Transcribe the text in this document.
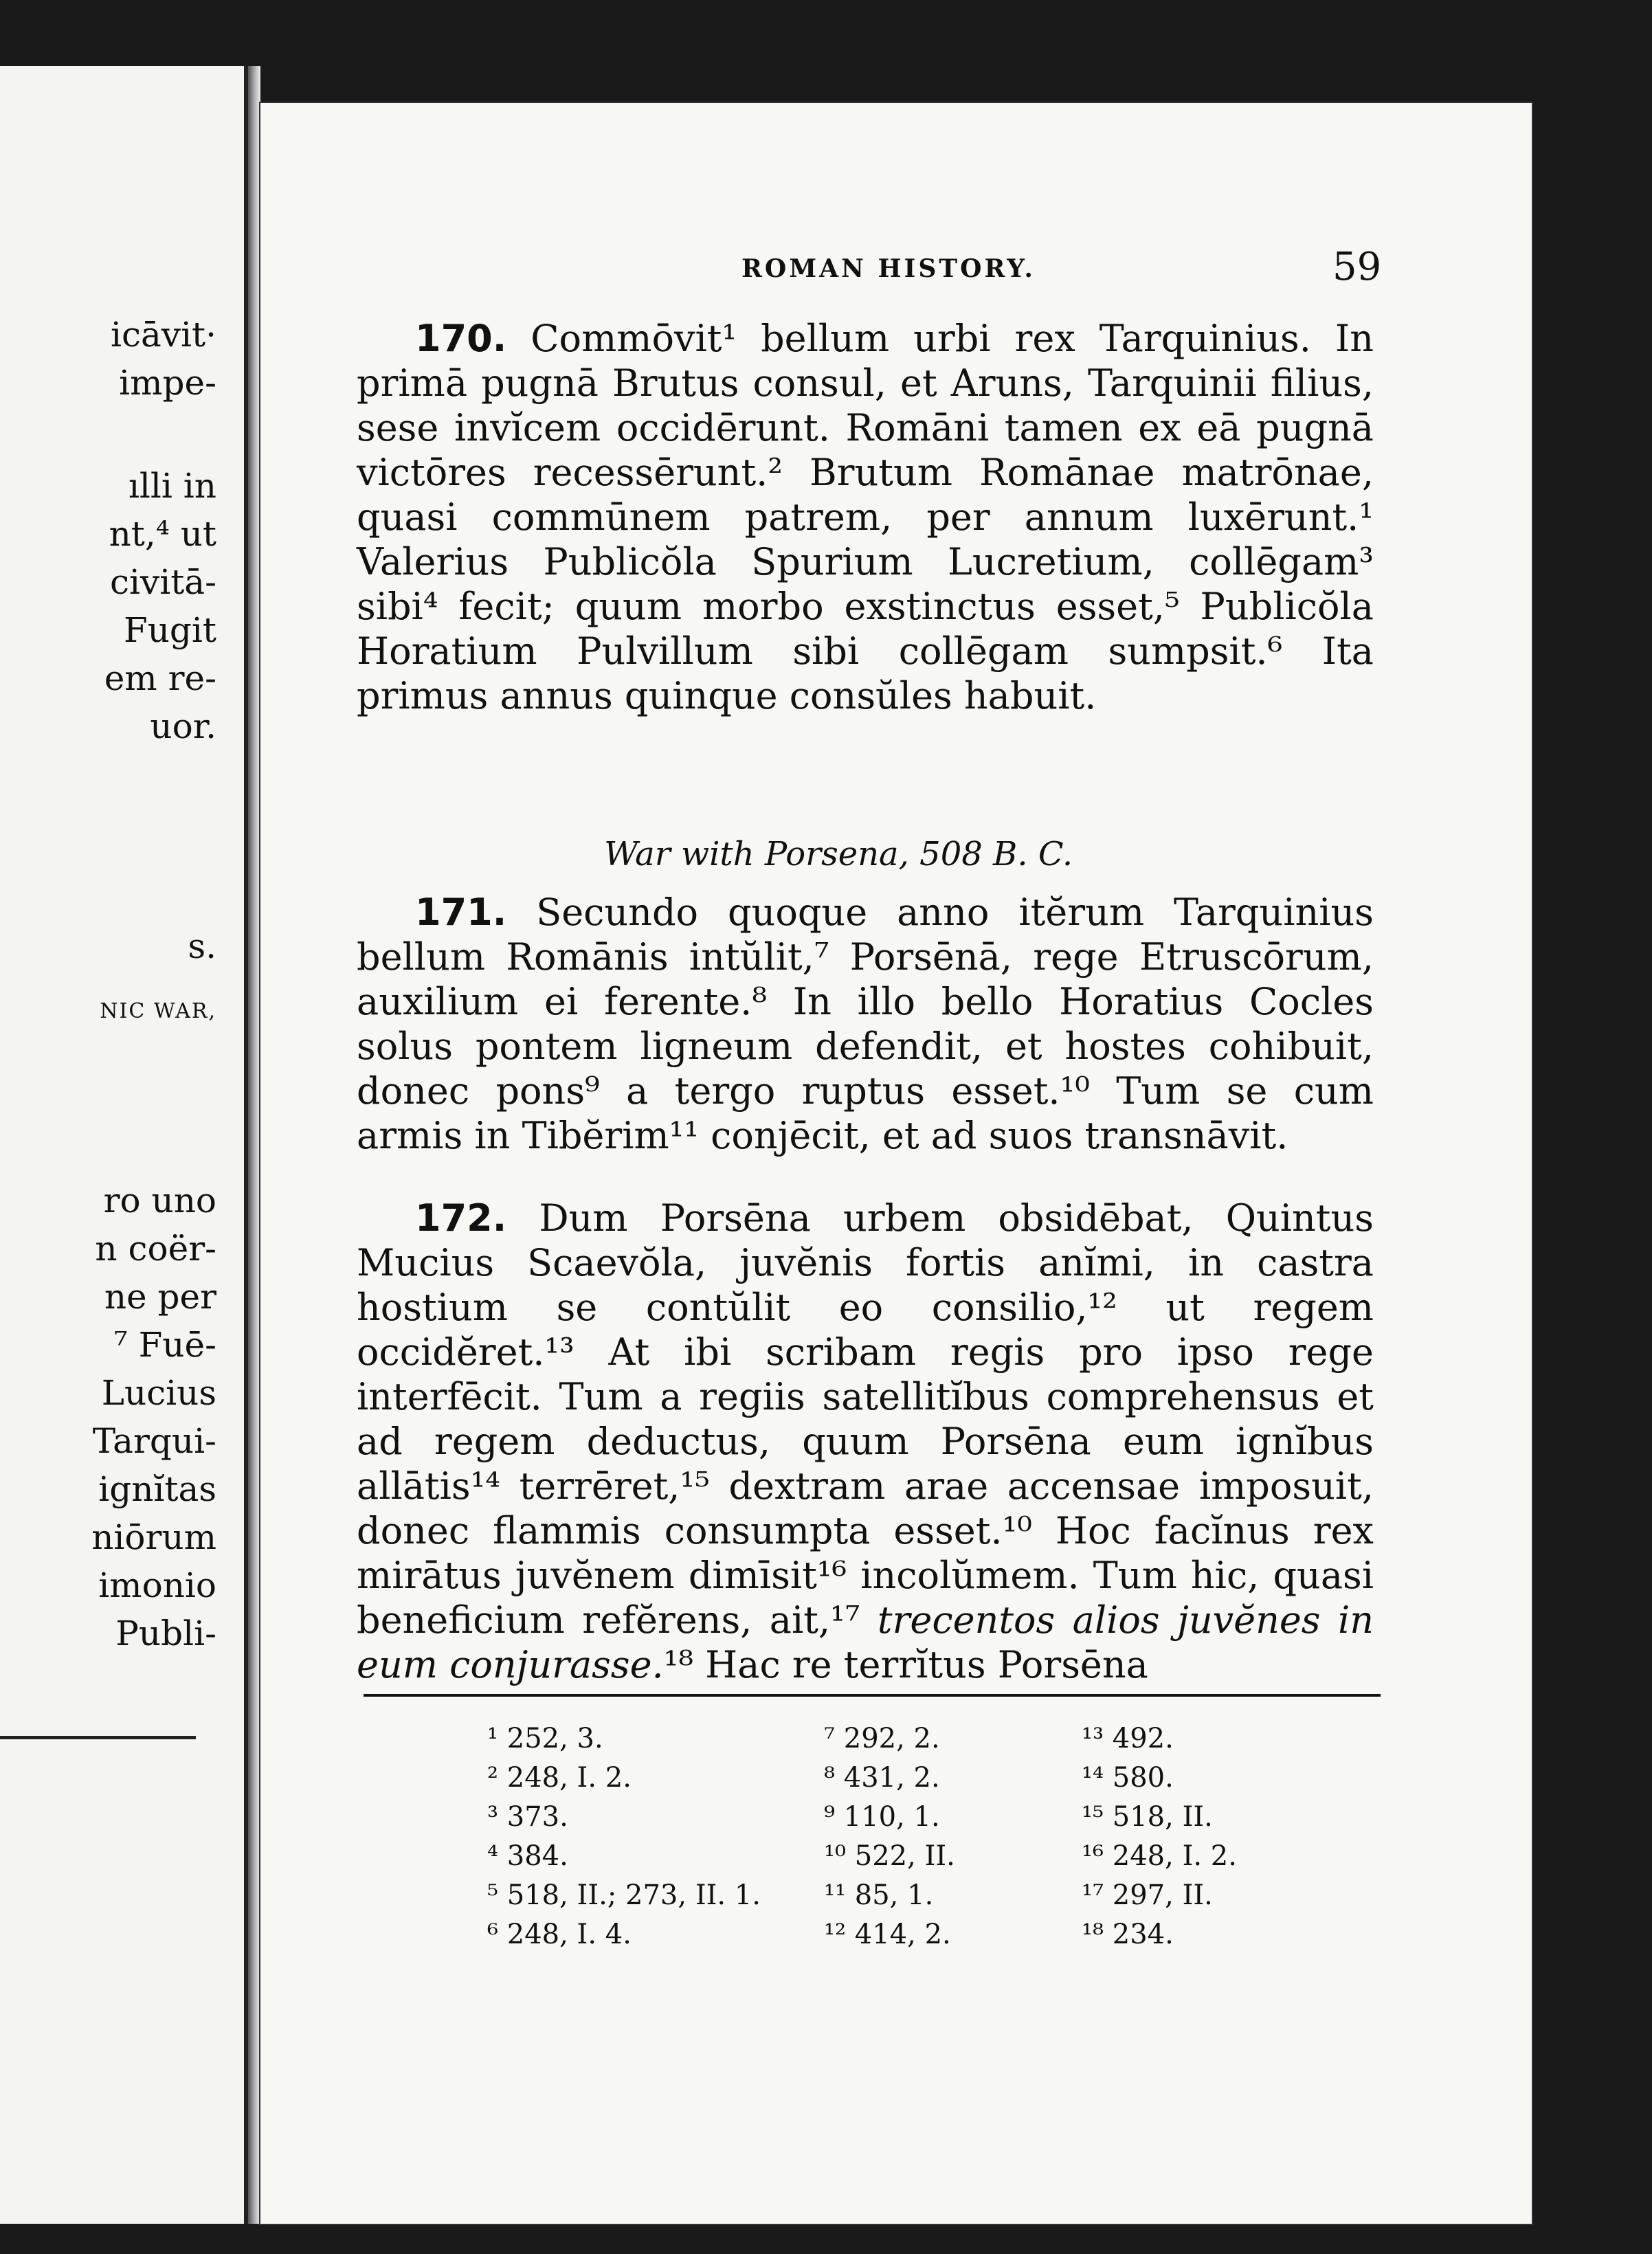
icāvit·
impe-
ılli in
nt,⁴ ut
civitā-
Fugit
em re-
uor.
s.
NIC WAR,
ro uno
n coër-
ne per
⁷ Fuē-
Lucius
Tarqui-
ignĭtas
niōrum
imonio
Publi-
ROMAN HISTORY.	59

170. Commōvit¹ bellum urbi rex Tarquinius. In primā pugnā Brutus consul, et Aruns, Tarquinii filius, sese invĭcem occidērunt. Romāni tamen ex eā pugnā victōres recessērunt.² Brutum Romānae matrōnae, quasi commūnem patrem, per annum luxērunt.¹ Valerius Publicŏla Spurium Lucretium, collēgam³ sibi⁴ fecit; quum morbo exstinctus esset,⁵ Publicŏla Horatium Pulvillum sibi collēgam sumpsit.⁶ Ita primus annus quinque consŭles habuit.

War with Porsena, 508 B. C.

171. Secundo quoque anno itĕrum Tarquinius bellum Romānis intŭlit,⁷ Porsēnā, rege Etruscōrum, auxilium ei ferente.⁸ In illo bello Horatius Cocles solus pontem ligneum defendit, et hostes cohibuit, donec pons⁹ a tergo ruptus esset.¹⁰ Tum se cum armis in Tibĕrim¹¹ conjēcit, et ad suos transnāvit.

172. Dum Porsēna urbem obsidēbat, Quintus Mucius Scaevŏla, juvĕnis fortis anĭmi, in castra hostium se contŭlit eo consilio,¹² ut regem occidĕret.¹³ At ibi scribam regis pro ipso rege interfēcit. Tum a regiis satellitĭbus comprehensus et ad regem deductus, quum Porsēna eum ignĭbus allātis¹⁴ terrēret,¹⁵ dextram arae accensae imposuit, donec flammis consumpta esset.¹⁰ Hoc facĭnus rex mirātus juvĕnem dimīsit¹⁶ incolŭmem. Tum hic, quasi beneficium refĕrens, ait,¹⁷ trecentos alios juvĕnes in eum conjurasse.¹⁸ Hac re terrĭtus Porsēna

¹ 252, 3.
² 248, I. 2.
³ 373.
⁴ 384.
⁵ 518, II.; 273, II. 1.
⁶ 248, I. 4.
⁷ 292, 2.
⁸ 431, 2.
⁹ 110, 1.
¹⁰ 522, II.
¹¹ 85, 1.
¹² 414, 2.
¹³ 492.
¹⁴ 580.
¹⁵ 518, II.
¹⁶ 248, I. 2.
¹⁷ 297, II.
¹⁸ 234.
